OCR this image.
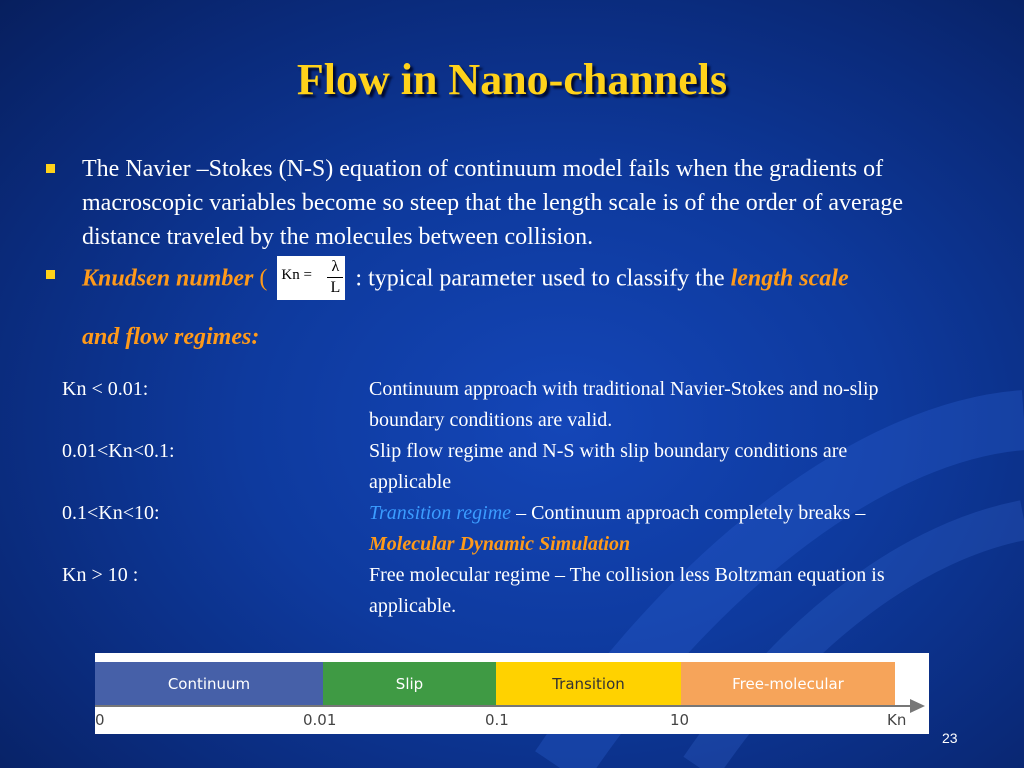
Flow in Nano-channels
The Navier –Stokes (N-S) equation of continuum model fails when the gradients of macroscopic variables become so steep that the length scale is of the order of average distance traveled by the molecules between collision.
Knudsen number ( Kn = λ
L : typical parameter used to classify the length scale
and flow regimes:
Kn < 0.01:	Continuum approach with traditional Navier-Stokes and no-slip boundary conditions are valid.
0.01<Kn<0.1:	Slip flow regime and N-S with slip boundary conditions are applicable
0.1<Kn<10:	Transition regime – Continuum approach completely breaks – Molecular Dynamic Simulation
Kn > 10 :	Free molecular regime – The collision less Boltzman equation is applicable.
Continuum	Slip	Transition	Free-molecular
0	0.01	0.1	10	Kn
23
